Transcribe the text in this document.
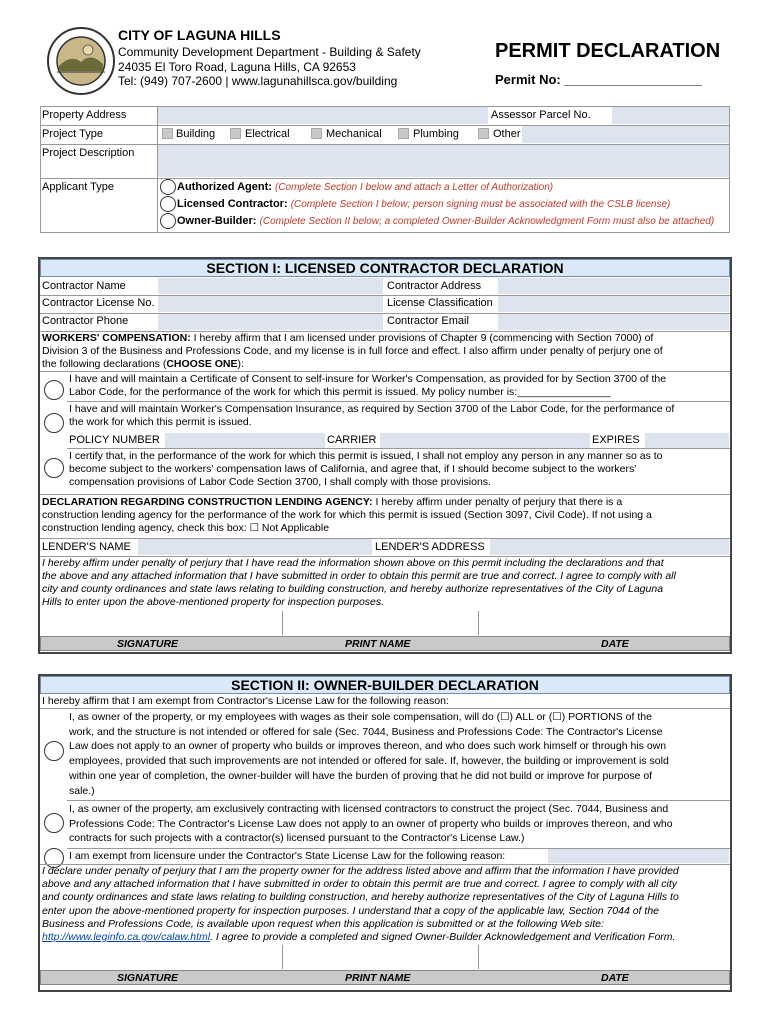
CITY OF LAGUNA HILLS
Community Development Department - Building & Safety
24035 El Toro Road, Laguna Hills, CA 92653
Tel: (949) 707-2600 | www.lagunahillsca.gov/building
PERMIT DECLARATION
Permit No: ___________________
Property Address	Assessor Parcel No.
Project Type	Building	Electrical	Mechanical	Plumbing	Other
Project Description
Applicant Type	Authorized Agent: (Complete Section I below and attach a Letter of Authorization)
Licensed Contractor: (Complete Section I below; person signing must be associated with the CSLB license)
Owner-Builder: (Complete Section II below; a completed Owner-Builder Acknowledgment Form must also be attached)
SECTION I: LICENSED CONTRACTOR DECLARATION
Contractor Name	Contractor Address
Contractor License No.	License Classification
Contractor Phone	Contractor Email
WORKERS' COMPENSATION: I hereby affirm that I am licensed under provisions of Chapter 9 (commencing with Section 7000) of
Division 3 of the Business and Professions Code, and my license is in full force and effect. I also affirm under penalty of perjury one of
the following declarations (CHOOSE ONE):
I have and will maintain a Certificate of Consent to self-insure for Worker's Compensation, as provided for by Section 3700 of the
Labor Code, for the performance of the work for which this permit is issued. My policy number is:________________
I have and will maintain Worker's Compensation Insurance, as required by Section 3700 of the Labor Code, for the performance of
the work for which this permit is issued.
POLICY NUMBER	CARRIER	EXPIRES
I certify that, in the performance of the work for which this permit is issued, I shall not employ any person in any manner so as to
become subject to the workers' compensation laws of California, and agree that, if I should become subject to the workers'
compensation provisions of Labor Code Section 3700, I shall comply with those provisions.
DECLARATION REGARDING CONSTRUCTION LENDING AGENCY: I hereby affirm under penalty of perjury that there is a
construction lending agency for the performance of the work for which this permit is issued (Section 3097, Civil Code). If not using a
construction lending agency, check this box: ☐ Not Applicable
LENDER'S NAME	LENDER'S ADDRESS
I hereby affirm under penalty of perjury that I have read the information shown above on this permit including the declarations and that
the above and any attached information that I have submitted in order to obtain this permit are true and correct. I agree to comply with all
city and county ordinances and state laws relating to building construction, and hereby authorize representatives of the City of Laguna
Hills to enter upon the above-mentioned property for inspection purposes.
SIGNATURE	PRINT NAME	DATE
SECTION II: OWNER-BUILDER DECLARATION
I hereby affirm that I am exempt from Contractor's License Law for the following reason:
I, as owner of the property, or my employees with wages as their sole compensation, will do (☐) ALL or (☐) PORTIONS of the
work, and the structure is not intended or offered for sale (Sec. 7044, Business and Professions Code: The Contractor's License
Law does not apply to an owner of property who builds or improves thereon, and who does such work himself or through his own
employees, provided that such improvements are not intended or offered for sale. If, however, the building or improvement is sold
within one year of completion, the owner-builder will have the burden of proving that he did not build or improve for purpose of
sale.)
I, as owner of the property, am exclusively contracting with licensed contractors to construct the project (Sec. 7044, Business and
Professions Code: The Contractor's License Law does not apply to an owner of property who builds or improves thereon, and who
contracts for such projects with a contractor(s) licensed pursuant to the Contractor's License Law.)
I am exempt from licensure under the Contractor's State License Law for the following reason:
I declare under penalty of perjury that I am the property owner for the address listed above and affirm that the information I have provided
above and any attached information that I have submitted in order to obtain this permit are true and correct. I agree to comply with all city
and county ordinances and state laws relating to building construction, and hereby authorize representatives of the City of Laguna Hills to
enter upon the above-mentioned property for inspection purposes. I understand that a copy of the applicable law, Section 7044 of the
Business and Professions Code, is available upon request when this application is submitted or at the following Web site:
http://www.leginfo.ca.gov/calaw.html. I agree to provide a completed and signed Owner-Builder Acknowledgement and Verification Form.
SIGNATURE	PRINT NAME	DATE
